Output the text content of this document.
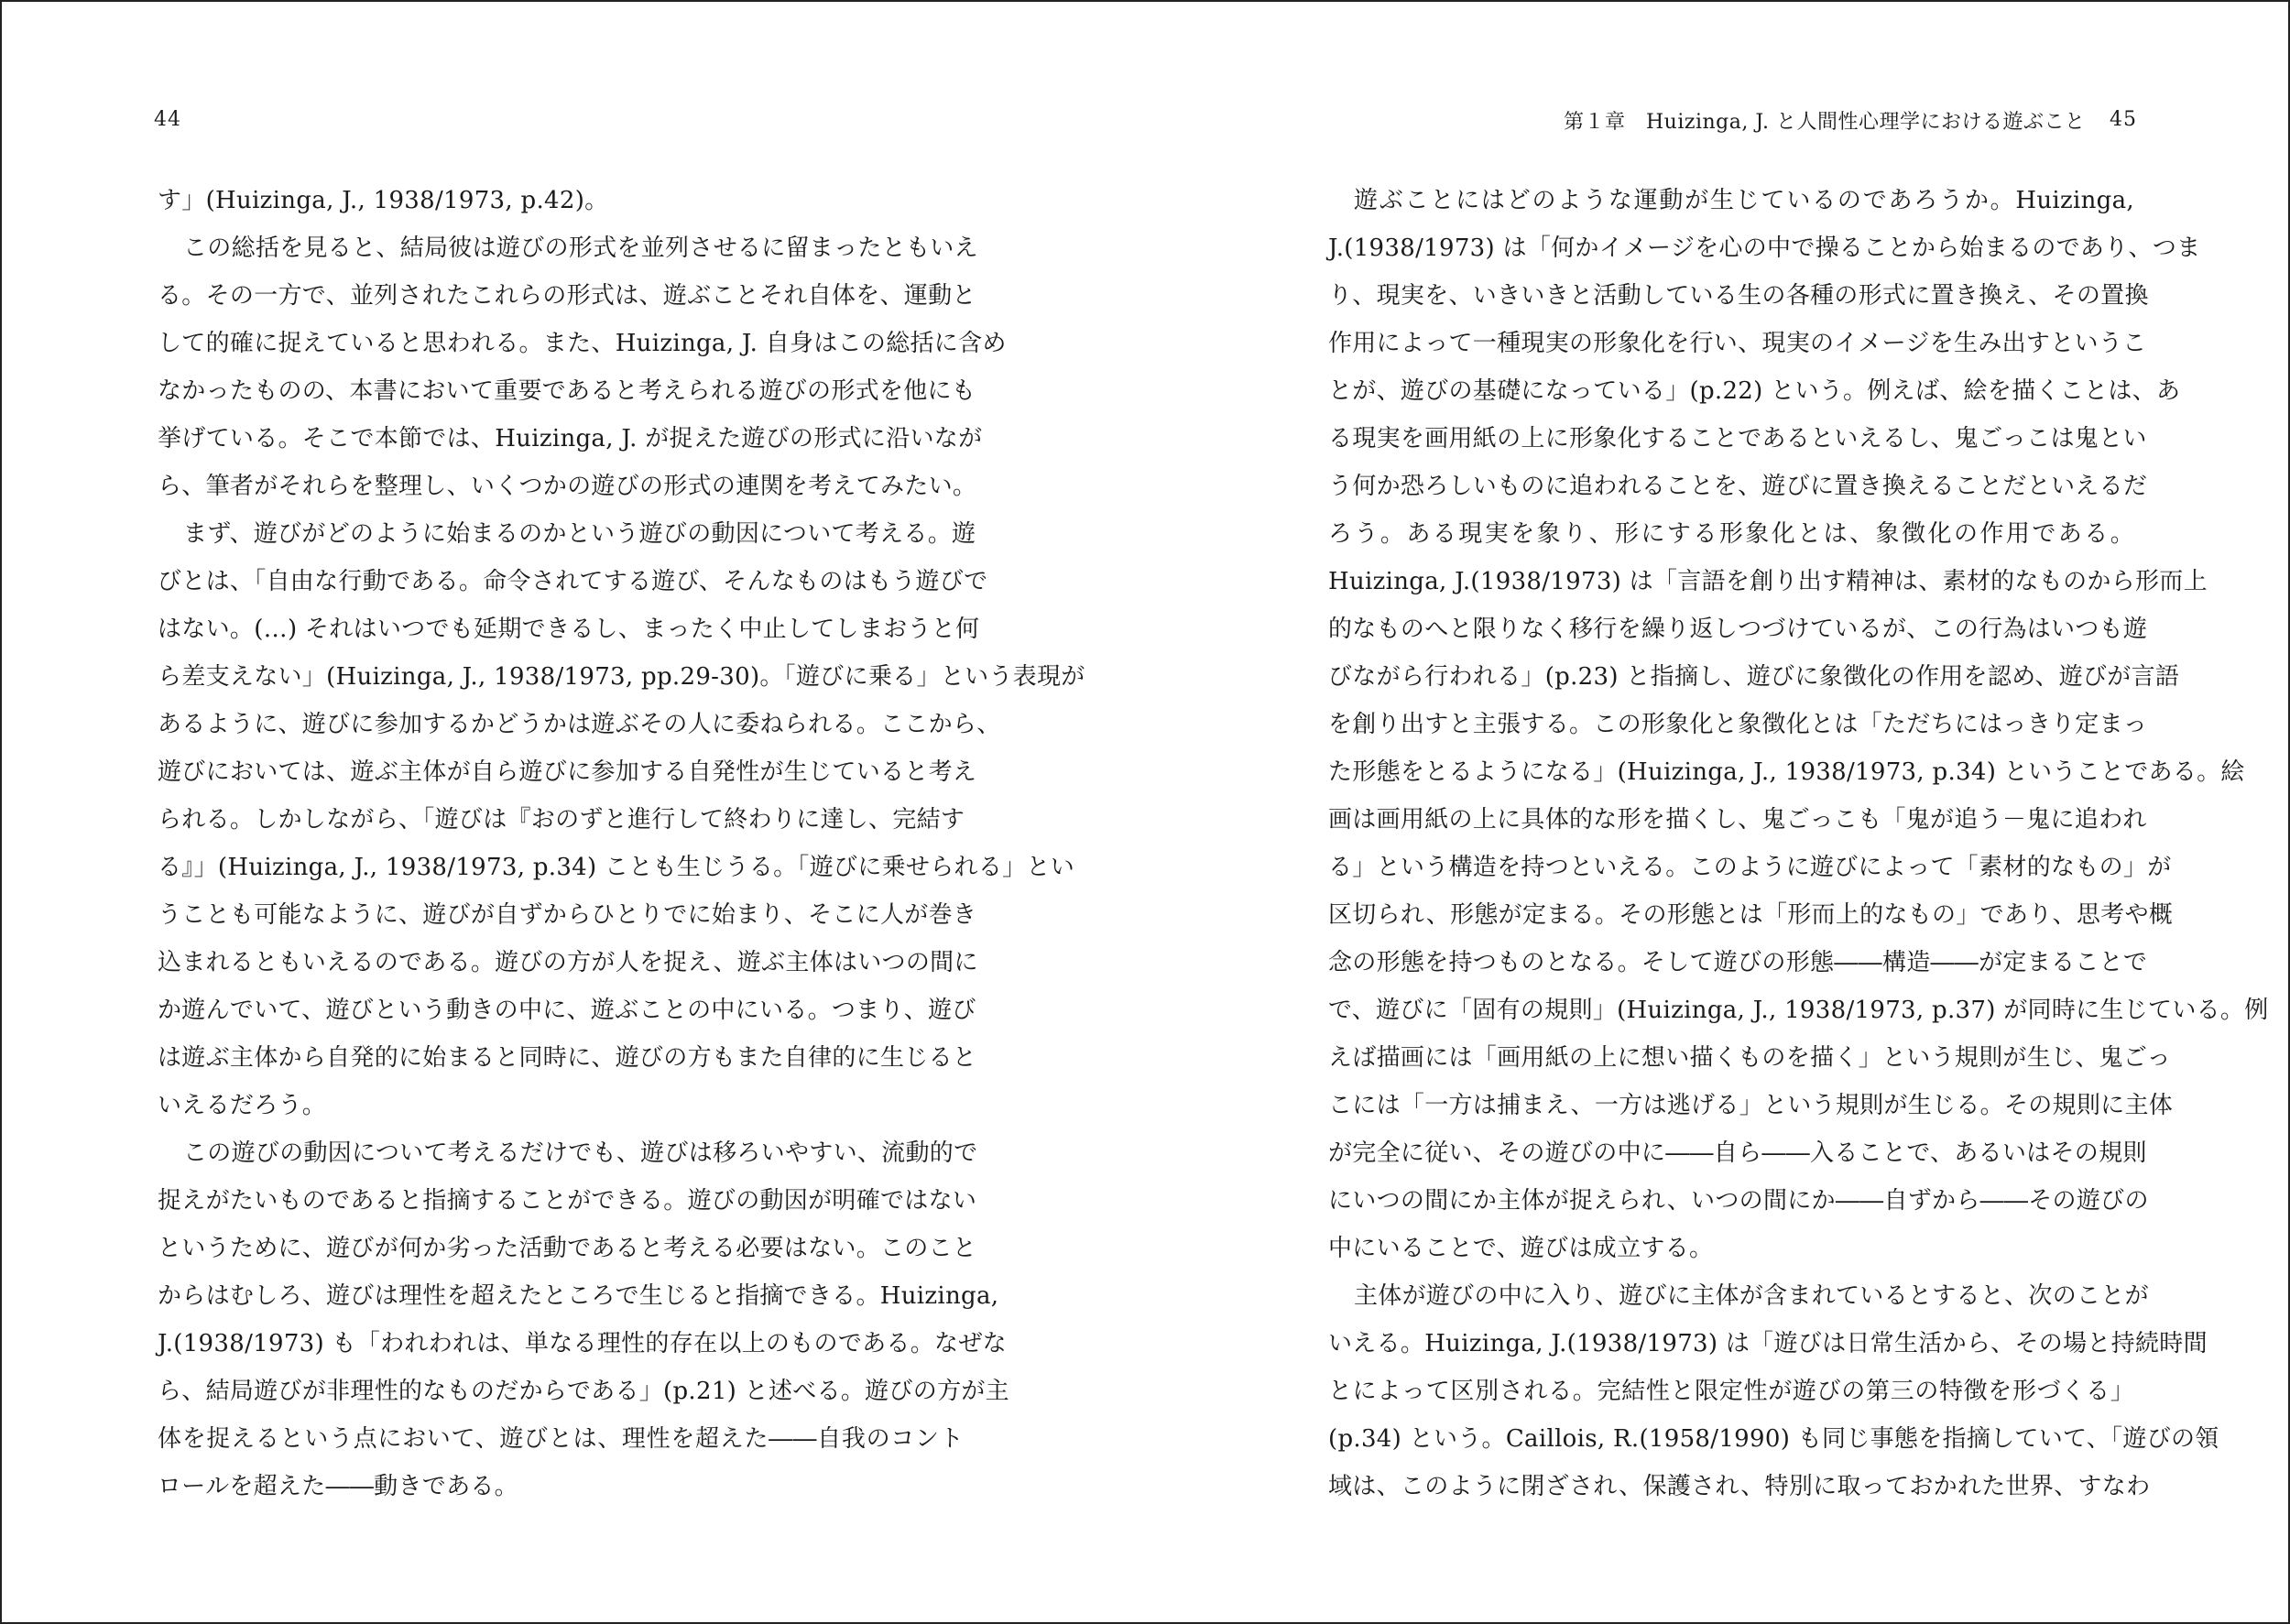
44
す」(Huizinga, J., 1938/1973, p.42)。
この総括を見ると、結局彼は遊びの形式を並列させるに留まったともいえ
る。その一方で、並列されたこれらの形式は、遊ぶことそれ自体を、運動と
して的確に捉えていると思われる。また、Huizinga, J. 自身はこの総括に含め
なかったものの、本書において重要であると考えられる遊びの形式を他にも
挙げている。そこで本節では、Huizinga, J. が捉えた遊びの形式に沿いなが
ら、筆者がそれらを整理し、いくつかの遊びの形式の連関を考えてみたい。
まず、遊びがどのように始まるのかという遊びの動因について考える。遊
びとは、「自由な行動である。命令されてする遊び、そんなものはもう遊びで
はない。(…) それはいつでも延期できるし、まったく中止してしまおうと何
ら差支えない」(Huizinga, J., 1938/1973, pp.29-30)。「遊びに乗る」という表現が
あるように、遊びに参加するかどうかは遊ぶその人に委ねられる。ここから、
遊びにおいては、遊ぶ主体が自ら遊びに参加する自発性が生じていると考え
られる。しかしながら、「遊びは『おのずと進行して終わりに達し、完結す
る』」(Huizinga, J., 1938/1973, p.34) ことも生じうる。「遊びに乗せられる」とい
うことも可能なように、遊びが自ずからひとりでに始まり、そこに人が巻き
込まれるともいえるのである。遊びの方が人を捉え、遊ぶ主体はいつの間に
か遊んでいて、遊びという動きの中に、遊ぶことの中にいる。つまり、遊び
は遊ぶ主体から自発的に始まると同時に、遊びの方もまた自律的に生じると
いえるだろう。
この遊びの動因について考えるだけでも、遊びは移ろいやすい、流動的で
捉えがたいものであると指摘することができる。遊びの動因が明確ではない
というために、遊びが何か劣った活動であると考える必要はない。このこと
からはむしろ、遊びは理性を超えたところで生じると指摘できる。Huizinga,
J.(1938/1973) も「われわれは、単なる理性的存在以上のものである。なぜな
ら、結局遊びが非理性的なものだからである」(p.21) と述べる。遊びの方が主
体を捉えるという点において、遊びとは、理性を超えた――自我のコント
ロールを超えた――動きである。
第１章　Huizinga, J. と人間性心理学における遊ぶこと 45
遊ぶことにはどのような運動が生じているのであろうか。Huizinga,
J.(1938/1973) は「何かイメージを心の中で操ることから始まるのであり、つま
り、現実を、いきいきと活動している生の各種の形式に置き換え、その置換
作用によって一種現実の形象化を行い、現実のイメージを生み出すというこ
とが、遊びの基礎になっている」(p.22) という。例えば、絵を描くことは、あ
る現実を画用紙の上に形象化することであるといえるし、鬼ごっこは鬼とい
う何か恐ろしいものに追われることを、遊びに置き換えることだといえるだ
ろう。ある現実を象り、形にする形象化とは、象徴化の作用である。
Huizinga, J.(1938/1973) は「言語を創り出す精神は、素材的なものから形而上
的なものへと限りなく移行を繰り返しつづけているが、この行為はいつも遊
びながら行われる」(p.23) と指摘し、遊びに象徴化の作用を認め、遊びが言語
を創り出すと主張する。この形象化と象徴化とは「ただちにはっきり定まっ
た形態をとるようになる」(Huizinga, J., 1938/1973, p.34) ということである。絵
画は画用紙の上に具体的な形を描くし、鬼ごっこも「鬼が追う－鬼に追われ
る」という構造を持つといえる。このように遊びによって「素材的なもの」が
区切られ、形態が定まる。その形態とは「形而上的なもの」であり、思考や概
念の形態を持つものとなる。そして遊びの形態――構造――が定まることで
で、遊びに「固有の規則」(Huizinga, J., 1938/1973, p.37) が同時に生じている。例
えば描画には「画用紙の上に想い描くものを描く」という規則が生じ、鬼ごっ
こには「一方は捕まえ、一方は逃げる」という規則が生じる。その規則に主体
が完全に従い、その遊びの中に――自ら――入ることで、あるいはその規則
にいつの間にか主体が捉えられ、いつの間にか――自ずから――その遊びの
中にいることで、遊びは成立する。
主体が遊びの中に入り、遊びに主体が含まれているとすると、次のことが
いえる。Huizinga, J.(1938/1973) は「遊びは日常生活から、その場と持続時間
とによって区別される。完結性と限定性が遊びの第三の特徴を形づくる」
(p.34) という。Caillois, R.(1958/1990) も同じ事態を指摘していて、「遊びの領
域は、このように閉ざされ、保護され、特別に取っておかれた世界、すなわ
